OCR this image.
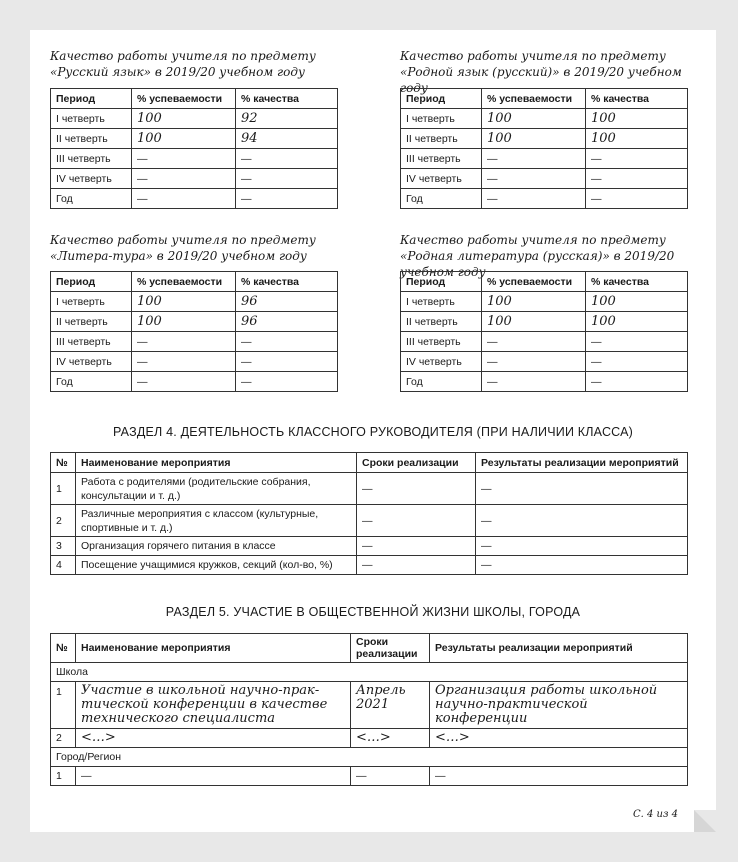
Качество работы учителя по предмету «Русский язык» в 2019/20 учебном году
Период	% успеваемости	% качества
I четверть	100	92
II четверть	100	94
III четверть	—	—
IV четверть	—	—
Год	—	—
Качество работы учителя по предмету «Родной язык (русский)» в 2019/20 учебном году
Период	% успеваемости	% качества
I четверть	100	100
II четверть	100	100
III четверть	—	—
IV четверть	—	—
Год	—	—
Качество работы учителя по предмету «Литера-тура» в 2019/20 учебном году
Период	% успеваемости	% качества
I четверть	100	96
II четверть	100	96
III четверть	—	—
IV четверть	—	—
Год	—	—
Качество работы учителя по предмету «Родная литература (русская)» в 2019/20 учебном году
Период	% успеваемости	% качества
I четверть	100	100
II четверть	100	100
III четверть	—	—
IV четверть	—	—
Год	—	—
РАЗДЕЛ 4. ДЕЯТЕЛЬНОСТЬ КЛАССНОГО РУКОВОДИТЕЛЯ (ПРИ НАЛИЧИИ КЛАССА)
№	Наименование мероприятия	Сроки реализации	Результаты реализации мероприятий
1	Работа с родителями (родительские собрания, консультации и т. д.)	—	—
2	Различные мероприятия с классом (культурные, спортивные и т. д.)	—	—
3	Организация горячего питания в классе	—	—
4	Посещение учащимися кружков, секций (кол-во, %)	—	—
РАЗДЕЛ 5. УЧАСТИЕ В ОБЩЕСТВЕННОЙ ЖИЗНИ ШКОЛЫ, ГОРОДА
№	Наименование мероприятия	Сроки реализации	Результаты реализации мероприятий
Школа			
1	Участие в школьной научно-прак-тической конференции в качестве технического специалиста	Апрель 2021	Организация работы школьной научно-практической конференции
2	<…>	<…>	<…>
Город/Регион			
1	—	—	—
С. 4 из 4
